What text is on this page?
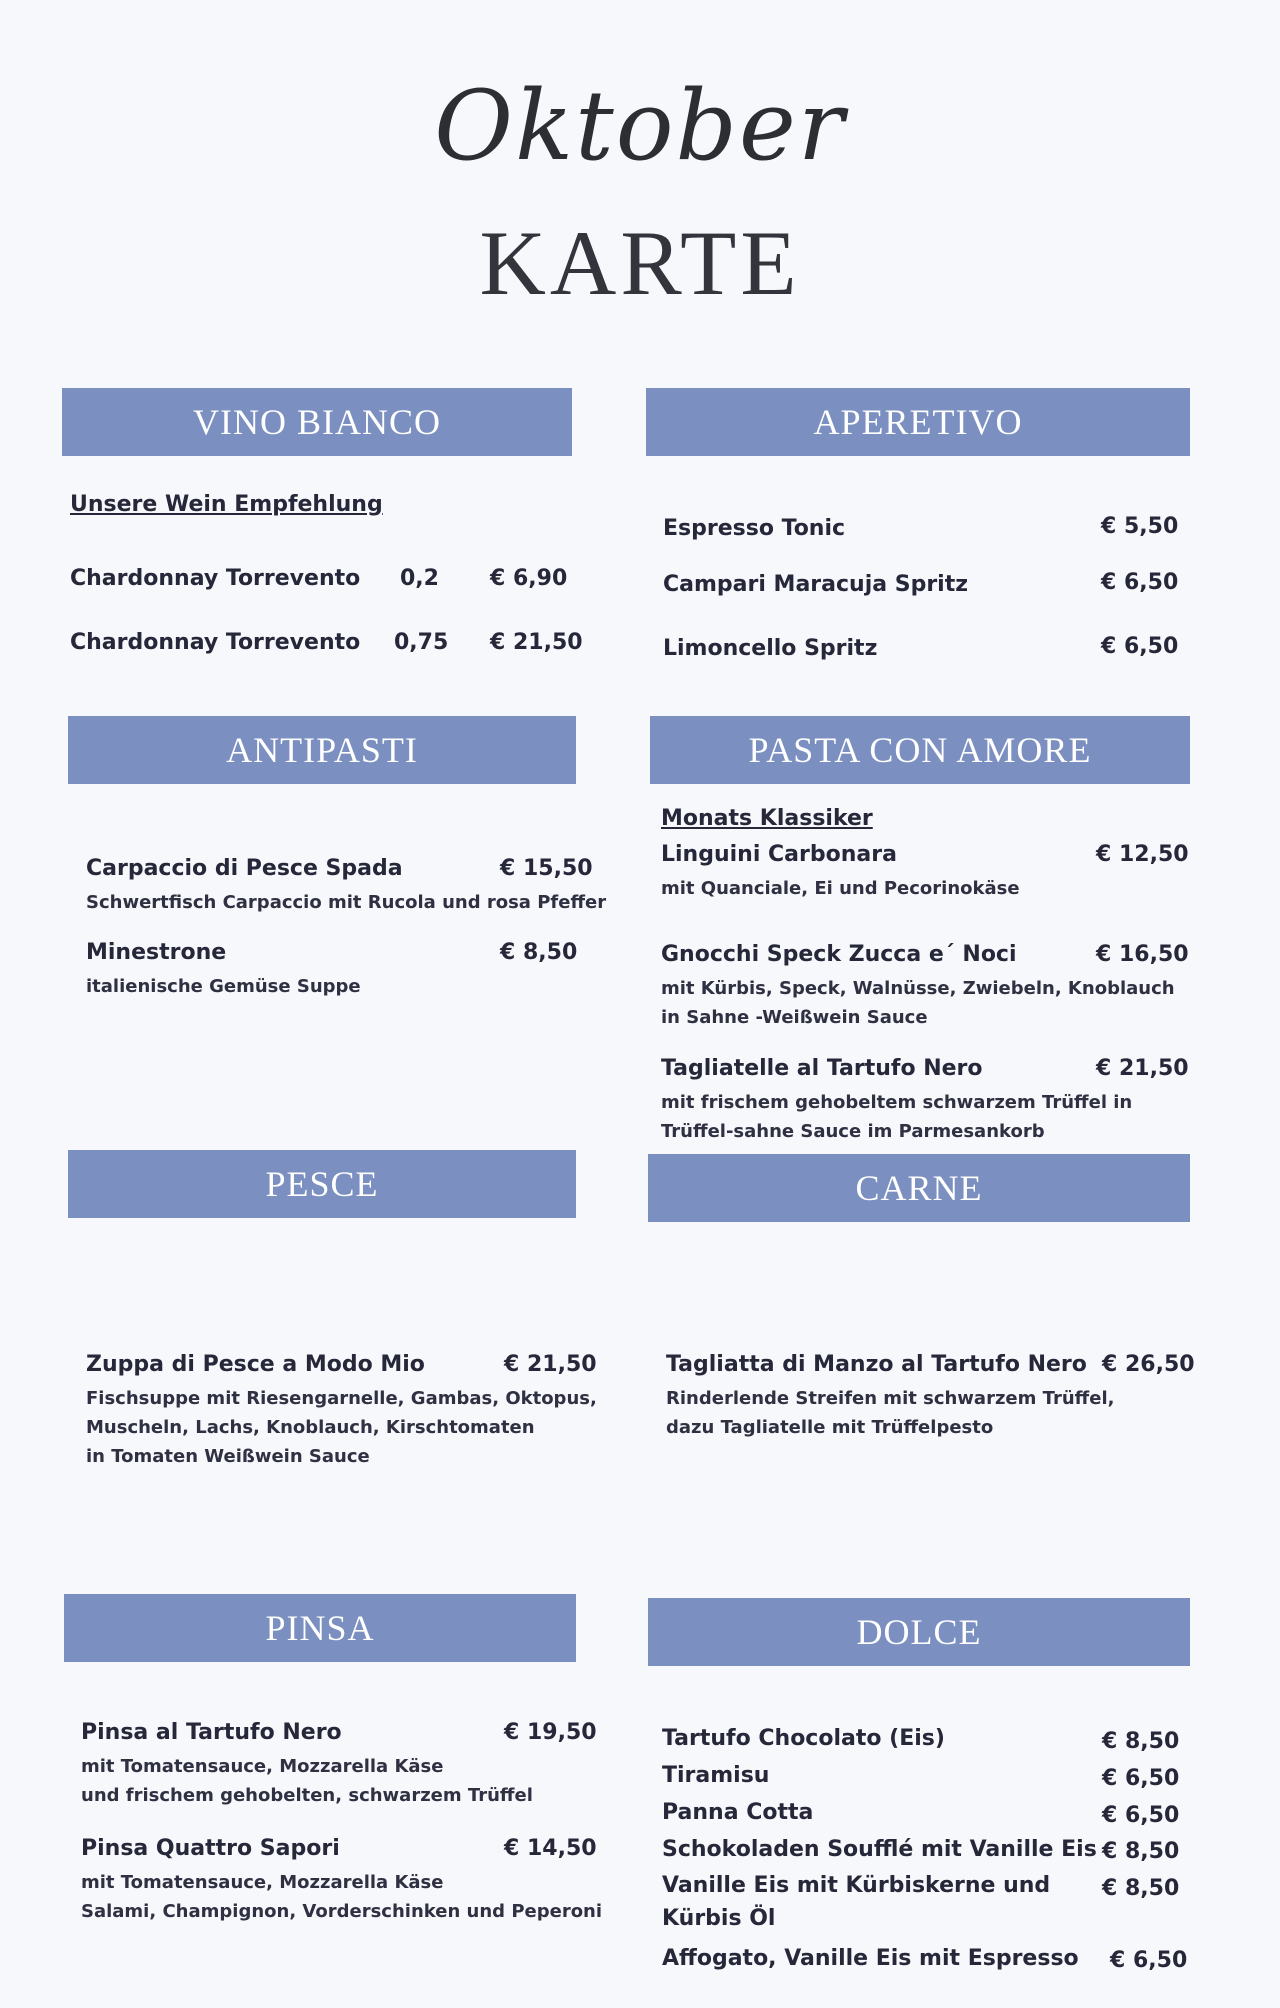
Oktober
KARTE
VINO BIANCO
Unsere Wein Empfehlung
Chardonnay Torrevento 0,2 € 6,90
Chardonnay Torrevento 0,75 € 21,50
APERETIVO
Espresso Tonic	€ 5,50
Campari Maracuja Spritz	€ 6,50
Limoncello Spritz	€ 6,50
ANTIPASTI
Carpaccio di Pesce Spada	€ 15,50
Schwertfisch Carpaccio mit Rucola und rosa Pfeffer
Minestrone	€ 8,50
italienische Gemüse Suppe
PASTA CON AMORE
Monats Klassiker
Linguini Carbonara	€ 12,50
mit Quanciale, Ei und Pecorinokäse
Gnocchi Speck Zucca e´ Noci	€ 16,50
mit Kürbis, Speck, Walnüsse, Zwiebeln, Knoblauch
in Sahne -Weißwein Sauce
Tagliatelle al Tartufo Nero	€ 21,50
mit frischem gehobeltem schwarzem Trüffel in
Trüffel-sahne Sauce im Parmesankorb
PESCE
Zuppa di Pesce a Modo Mio	€ 21,50
Fischsuppe mit Riesengarnelle, Gambas, Oktopus,
Muscheln, Lachs, Knoblauch, Kirschtomaten
in Tomaten Weißwein Sauce
CARNE
Tagliatta di Manzo al Tartufo Nero € 26,50
Rinderlende Streifen mit schwarzem Trüffel,
dazu Tagliatelle mit Trüffelpesto
PINSA
Pinsa al Tartufo Nero	€ 19,50
mit Tomatensauce, Mozzarella Käse
und frischem gehobelten, schwarzem Trüffel
Pinsa Quattro Sapori	€ 14,50
mit Tomatensauce, Mozzarella Käse
Salami, Champignon, Vorderschinken und Peperoni
DOLCE
Tartufo Chocolato (Eis)	€ 8,50
Tiramisu	€ 6,50
Panna Cotta	€ 6,50
Schokoladen Soufflé mit Vanille Eis € 8,50
Vanille Eis mit Kürbiskerne und € 8,50
Kürbis Öl
Affogato, Vanille Eis mit Espresso € 6,50
